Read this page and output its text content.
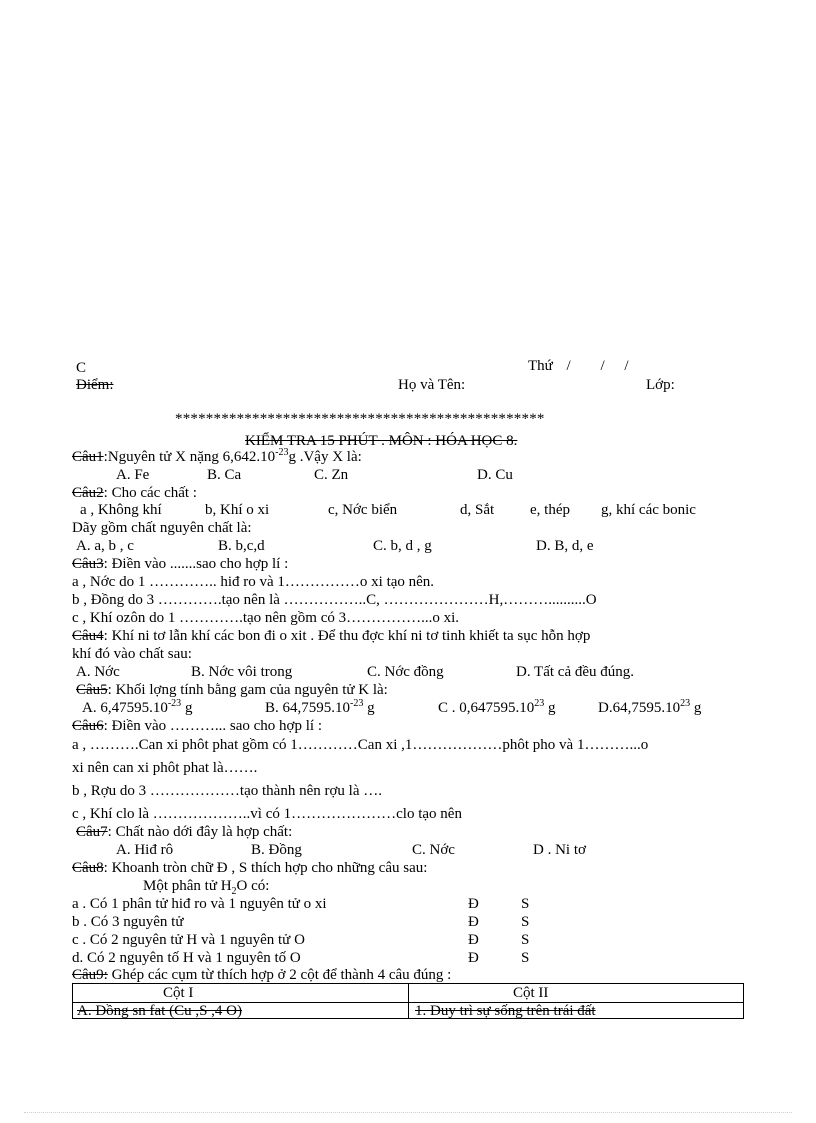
C	Thứ / / /
Điểm:	Họ và Tên:	Lớp:
************************************************
KIỂM TRA 15 PHÚT . MÔN : HÓA HỌC 8.
Câu1:Nguyên tử X nặng $6,642.10^{-23}g$ .Vậy X là:
A. Fe	B. Ca	C. Zn	D. Cu
Câu2: Cho các chất :
a , Không khí	b, Khí o xi	c, Nớc biển	d, Sắt e, thép g, khí các bonic
Dãy gồm chất nguyên chất là:
A. a, b , c	B. b,c,d	C. b, d , g	D. B, d, e
Câu3: Điền vào .......sao cho hợp lí :
a , Nớc do 1 ………….. hiđ ro và 1……………o xi tạo nên.
b , Đồng do 3 ………….tạo nên là ……………..C, …………………H,………..........O
c , Khí ozôn do 1 ………….tạo nên gồm có 3……………...o xi.
Câu4: Khí ni tơ lẫn khí các bon đi o xit . Để thu đợc khí ni tơ tinh khiết ta sục hỗn hợp
khí đó vào chất sau:
A. Nớc	B. Nớc vôi trong	C. Nớc đồng	D. Tất cả đều đúng.
Câu5: Khối lợng tính bằng gam của nguyên tử K là:
A. $6,47595.10^{-23}$ g	B. $64,7595.10^{-23}$ g	C . 0,647595.10$^{23}$ g	D.64,7595.10$^{23}$ g
Câu6: Điền vào ………... sao cho hợp lí :
a , ……….Can xi phôt phat gồm có 1…………Can xi ,1………………phôt pho và 1………...o
xi nên can xi phôt phat là…….
b , Rợu do 3 ………………tạo thành nên rợu là ….
c , Khí clo là ………………..vì có 1…………………clo tạo nên
Câu7: Chất nào dới đây là hợp chất:
A. Hiđ rô	B. Đồng	C. Nớc	D . Ni tơ
Câu8: Khoanh tròn chữ Đ , S thích hợp cho những câu sau:
Một phân tử $H_2O$ có:
a . Có 1 phân tử hiđ ro và 1 nguyên tử o xi	Đ	S
b . Có 3 nguyên tử	Đ	S
c . Có 2 nguyên tử H và 1 nguyên tử O	Đ	S
d. Có 2 nguyên tố H và 1 nguyên tố O	Đ	S
Câu9: Ghép các cụm từ thích hợp ở 2 cột để thành 4 câu đúng :
Cột I	Cột II
A. Đồng sn fat (Cu ,S ,4 O)	1. Duy trì sự sống trên trái đất
